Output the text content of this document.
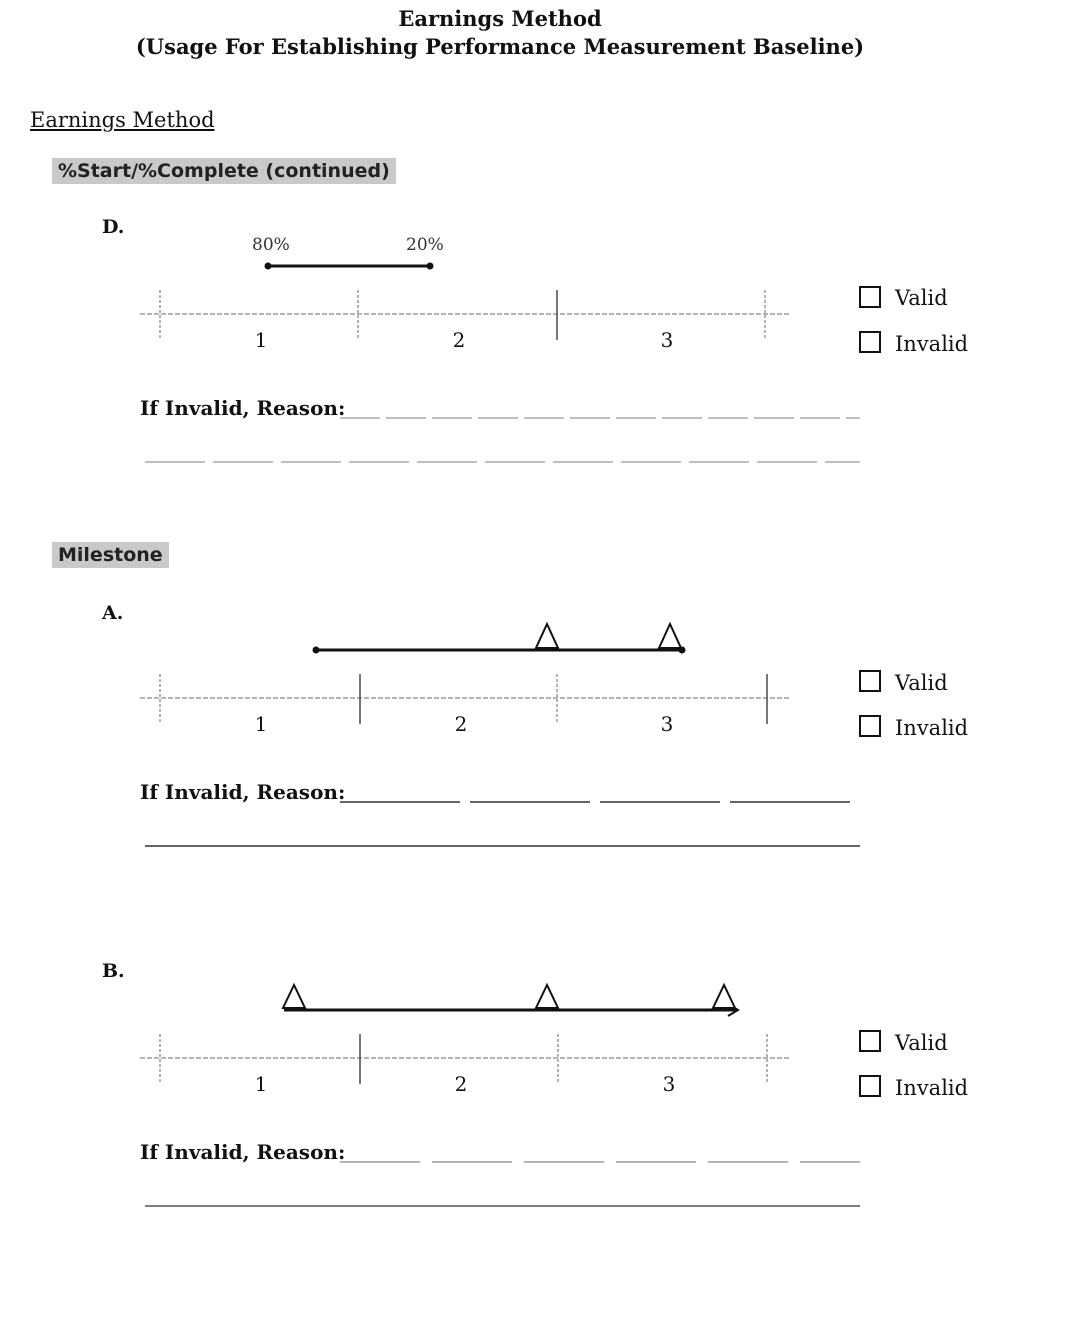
Earnings Method
(Usage For Establishing Performance Measurement Baseline)
Earnings Method
%Start/%Complete (continued)
D.
80%	20%
1	2	3
Valid
Invalid
If Invalid, Reason:
Milestone
A.
1	2	3
Valid
Invalid
If Invalid, Reason:
B.
1	2	3
Valid
Invalid
If Invalid, Reason:
